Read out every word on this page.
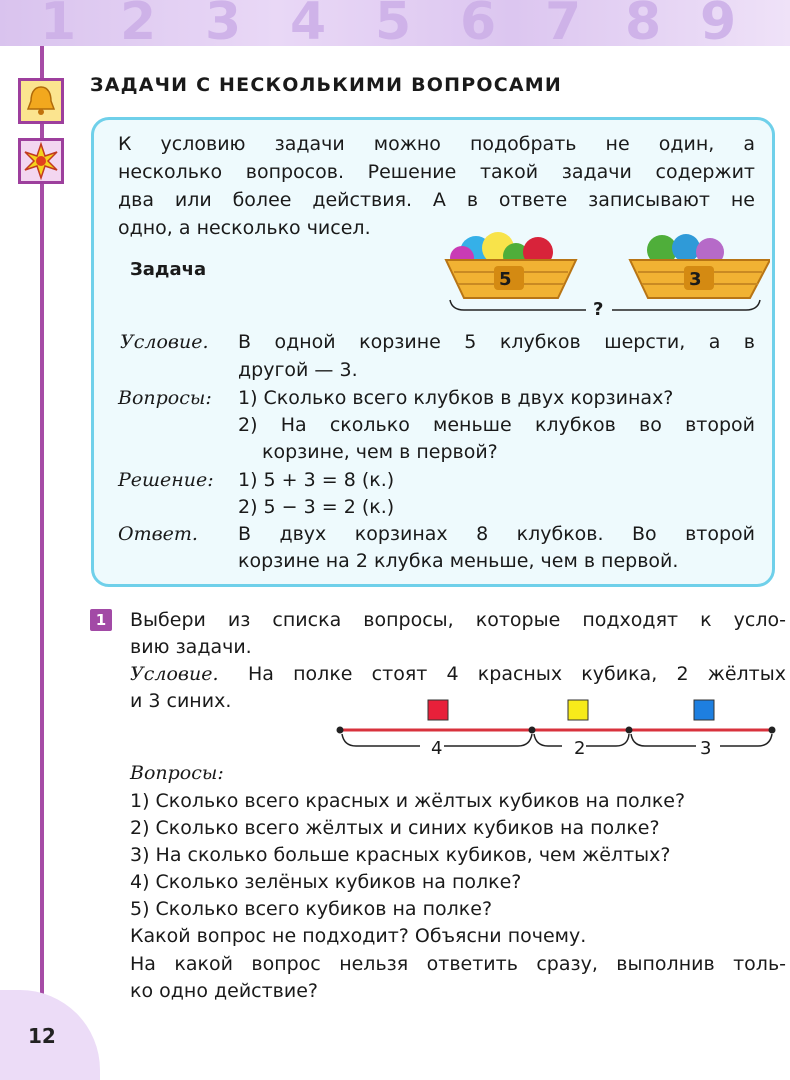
1 2 3 4 5 6 7 8 9
ЗАДАЧИ С НЕСКОЛЬКИМИ ВОПРОСАМИ
К условию задачи можно подобрать не один, а
несколько вопросов. Решение такой задачи содержит
два или более действия. А в ответе записывают не
одно, а несколько чисел.
Задача	5	3
?
Условие. В одной корзине 5 клубков шерсти, а в
другой — 3.
Вопросы: 1) Сколько всего клубков в двух корзинах?
2) На сколько меньше клубков во второй
корзине, чем в первой?
Решение: 1) 5 + 3 = 8 (к.)
2) 5 − 3 = 2 (к.)
Ответ. В двух корзинах 8 клубков. Во второй
корзине на 2 клубка меньше, чем в первой.
1	Выбери из списка вопросы, которые подходят к усло-
вию задачи.
Условие. На полке стоят 4 красных кубика, 2 жёлтых
и 3 синих.
4	2	3
Вопросы:
1) Сколько всего красных и жёлтых кубиков на полке?
2) Сколько всего жёлтых и синих кубиков на полке?
3) На сколько больше красных кубиков, чем жёлтых?
4) Сколько зелёных кубиков на полке?
5) Сколько всего кубиков на полке?
Какой вопрос не подходит? Объясни почему.
На какой вопрос нельзя ответить сразу, выполнив толь-
ко одно действие?
12
